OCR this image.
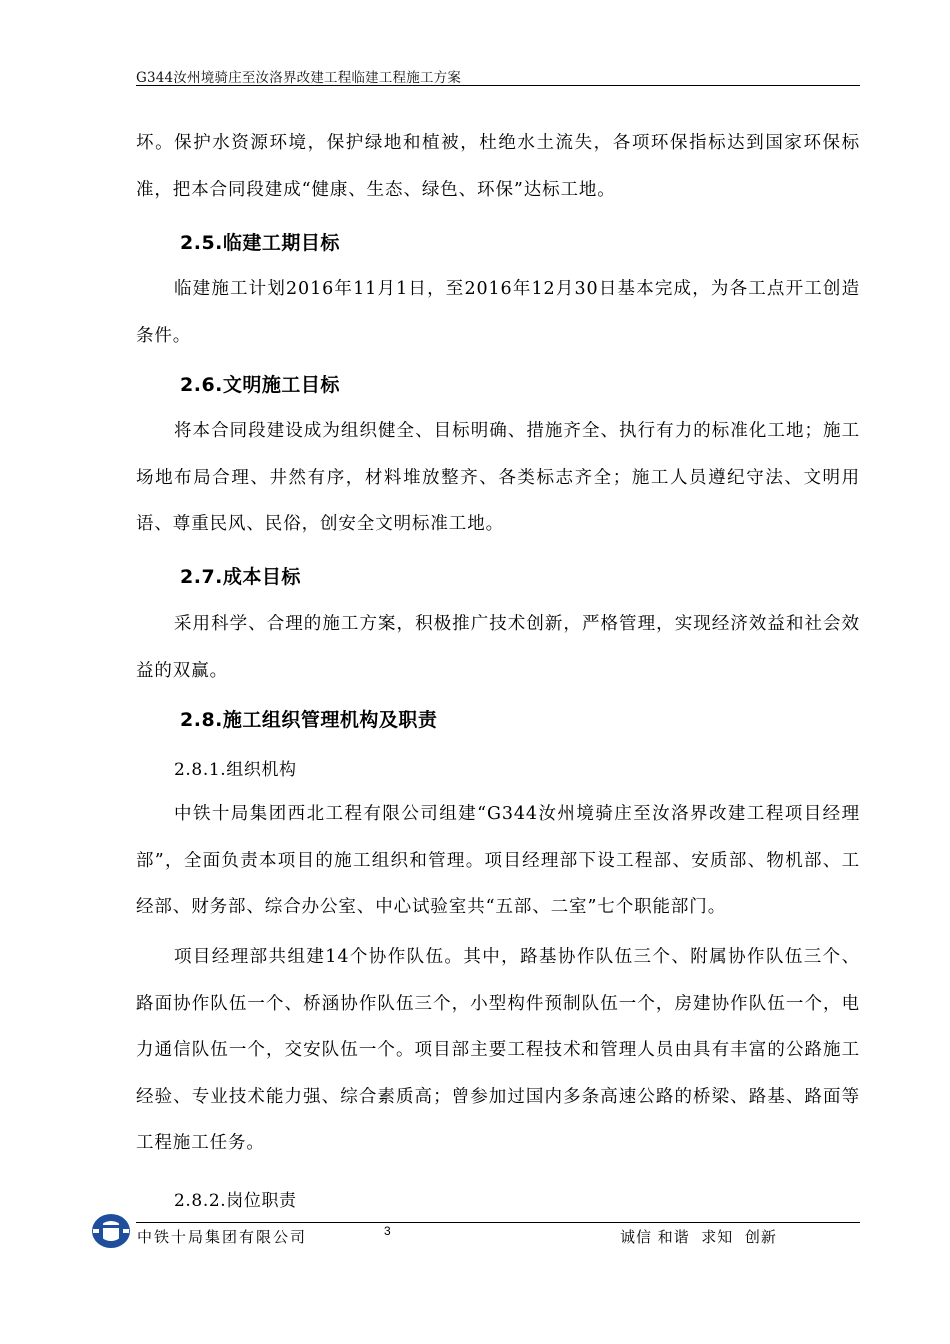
G344汝州境骑庄至汝洛界改建工程临建工程施工方案

坏。保护水资源环境，保护绿地和植被，杜绝水土流失，各项环保指标达到国家环保标准，把本合同段建成“健康、生态、绿色、环保”达标工地。

2.5.临建工期目标

临建施工计划2016年11月1日，至2016年12月30日基本完成，为各工点开工创造条件。

2.6.文明施工目标

将本合同段建设成为组织健全、目标明确、措施齐全、执行有力的标准化工地；施工场地布局合理、井然有序，材料堆放整齐、各类标志齐全；施工人员遵纪守法、文明用语、尊重民风、民俗，创安全文明标准工地。

2.7.成本目标

采用科学、合理的施工方案，积极推广技术创新，严格管理，实现经济效益和社会效益的双赢。

2.8.施工组织管理机构及职责
2.8.1.组织机构

中铁十局集团西北工程有限公司组建“G344汝州境骑庄至汝洛界改建工程项目经理部”，全面负责本项目的施工组织和管理。项目经理部下设工程部、安质部、物机部、工经部、财务部、综合办公室、中心试验室共“五部、二室”七个职能部门。

项目经理部共组建14个协作队伍。其中，路基协作队伍三个、附属协作队伍三个、路面协作队伍一个、桥涵协作队伍三个，小型构件预制队伍一个，房建协作队伍一个，电力通信队伍一个，交安队伍一个。项目部主要工程技术和管理人员由具有丰富的公路施工经验、专业技术能力强、综合素质高；曾参加过国内多条高速公路的桥梁、路基、路面等工程施工任务。

2.8.2.岗位职责
中铁十局集团有限公司	3	诚信 和谐  求知  创新
